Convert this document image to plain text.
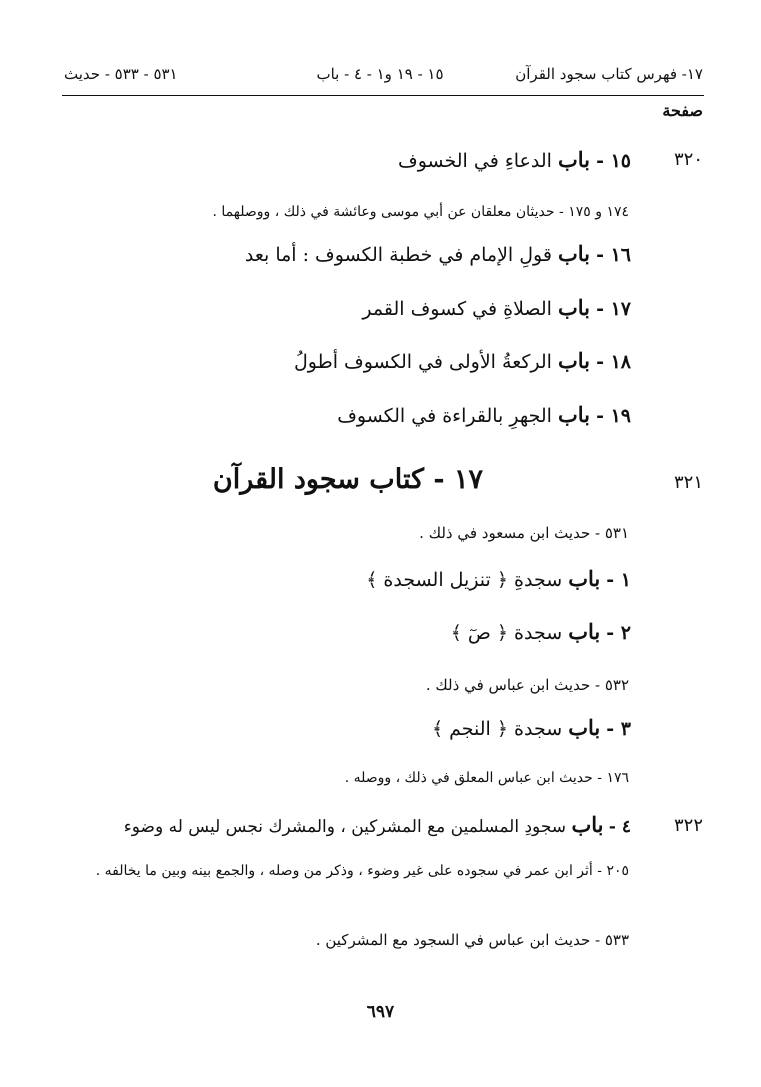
١٧- فهرس كتاب سجود القرآن
١٥ - ١٩ و١ - ٤ - باب
٥٣١ - ٥٣٣ - حديث
صفحة
٣٢٠
١٥ - باب الدعاءِ في الخسوف
١٧٤ و ١٧٥ - حديثان معلقان عن أبي موسى وعائشة في ذلك ، ووصلهما .
١٦ - باب قولِ الإمام في خطبة الكسوف : أما بعد
١٧ - باب الصلاةِ في كسوف القمر
١٨ - باب الركعةُ الأولى في الكسوف أطولُ
١٩ - باب الجهرِ بالقراءة في الكسوف
٣٢١
١٧ - كتاب سجود القرآن
٥٣١ - حديث ابن مسعود في ذلك .
١ - باب سجدةِ ﴿ تنزيل السجدة ﴾
٢ - باب سجدة ﴿ صٓ ﴾
٥٣٢ - حديث ابن عباس في ذلك .
٣ - باب سجدة ﴿ النجم ﴾
١٧٦ - حديث ابن عباس المعلق في ذلك ، ووصله .
٣٢٢
٤ - باب سجودِ المسلمين مع المشركين ، والمشرك نجس ليس له وضوء
٢٠٥ - أثر ابن عمر في سجوده على غير وضوء ، وذكر من وصله ، والجمع بينه وبين ما يخالفه .
٥٣٣ - حديث ابن عباس في السجود مع المشركين .
٦٩٧
